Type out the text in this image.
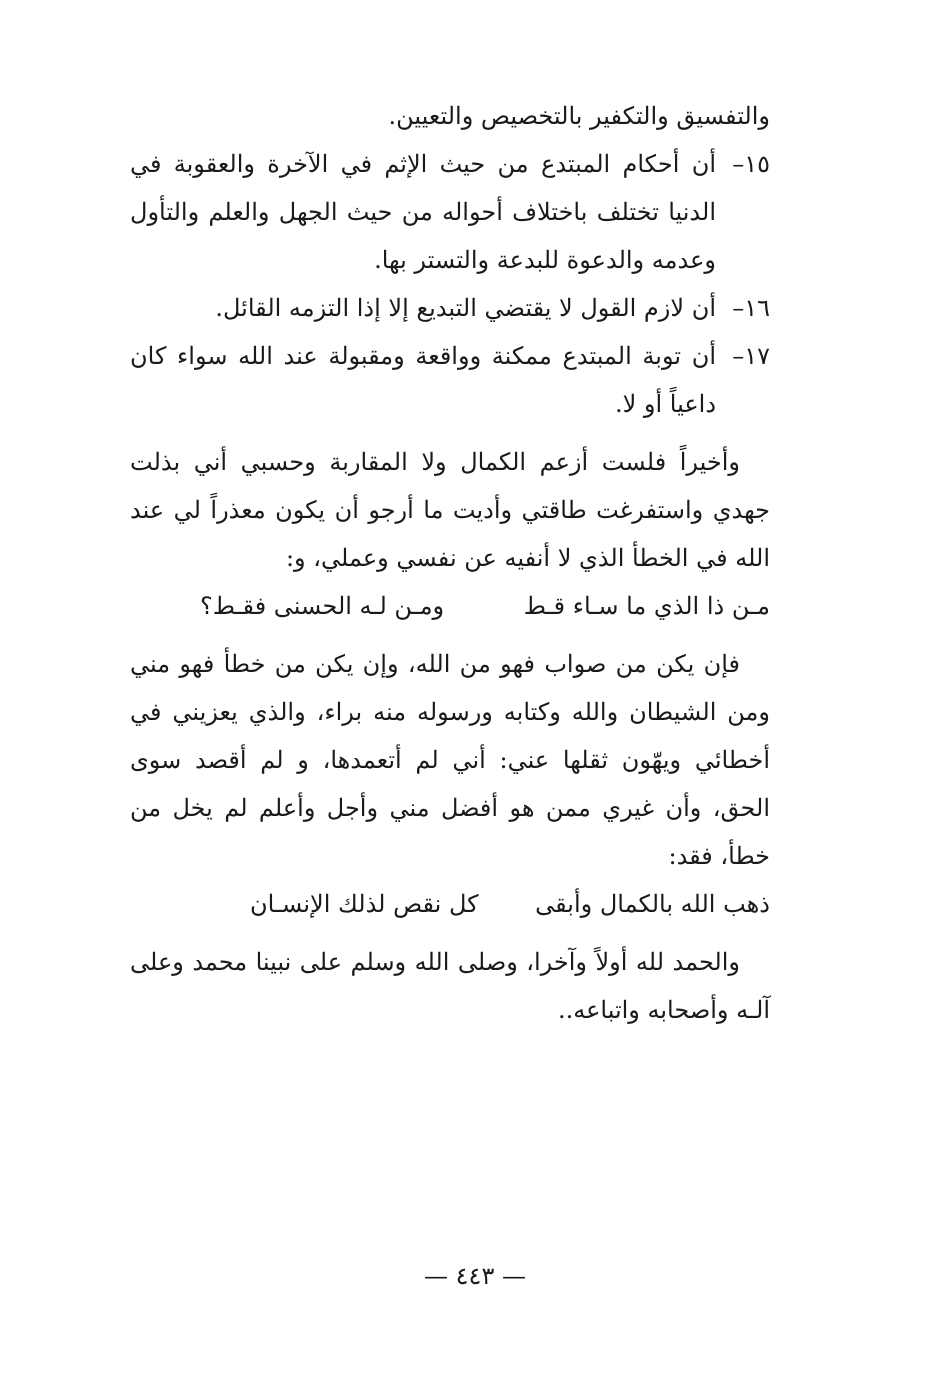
والتفسيق والتكفير بالتخصيص والتعيين.

١٥–
أن أحكام المبتدع من حيث الإثم في الآخرة والعقوبة في الدنيا تختلف باختلاف أحواله من حيث الجهل والعلم والتأول وعدمه والدعوة للبدعة والتستر بها.
١٦–
أن لازم القول لا يقتضي التبديع إلا إذا التزمه القائل.
١٧–
أن توبة المبتدع ممكنة وواقعة ومقبولة عند الله سواء كان داعياً أو لا.

وأخيراً فلست أزعم الكمال ولا المقاربة وحسبي أني بذلت جهدي واستفرغت طاقتي وأديت ما أرجو أن يكون معذراً لي عند الله في الخطأ الذي لا أنفيه عن نفسي وعملي، و:

مـن ذا الذي ما سـاء قـط
ومـن لـه الحسنى فقـط؟

فإن يكن من صواب فهو من الله، وإن يكن من خطأ فهو مني ومن الشيطان والله وكتابه ورسوله منه براء، والذي يعزيني في أخطائي ويهّون ثقلها عني: أني لم أتعمدها، و لم أقصد سوى الحق، وأن غيري ممن هو أفضل مني وأجل وأعلم لم يخل من خطأ، فقد:

ذهب الله بالكمال وأبقى
كل نقص لذلك الإنسـان

والحمد لله أولاً وآخرا، وصلى الله وسلم على نبينا محمد وعلى آلـه وأصحابه واتباعه..

— ٤٤٣ —
